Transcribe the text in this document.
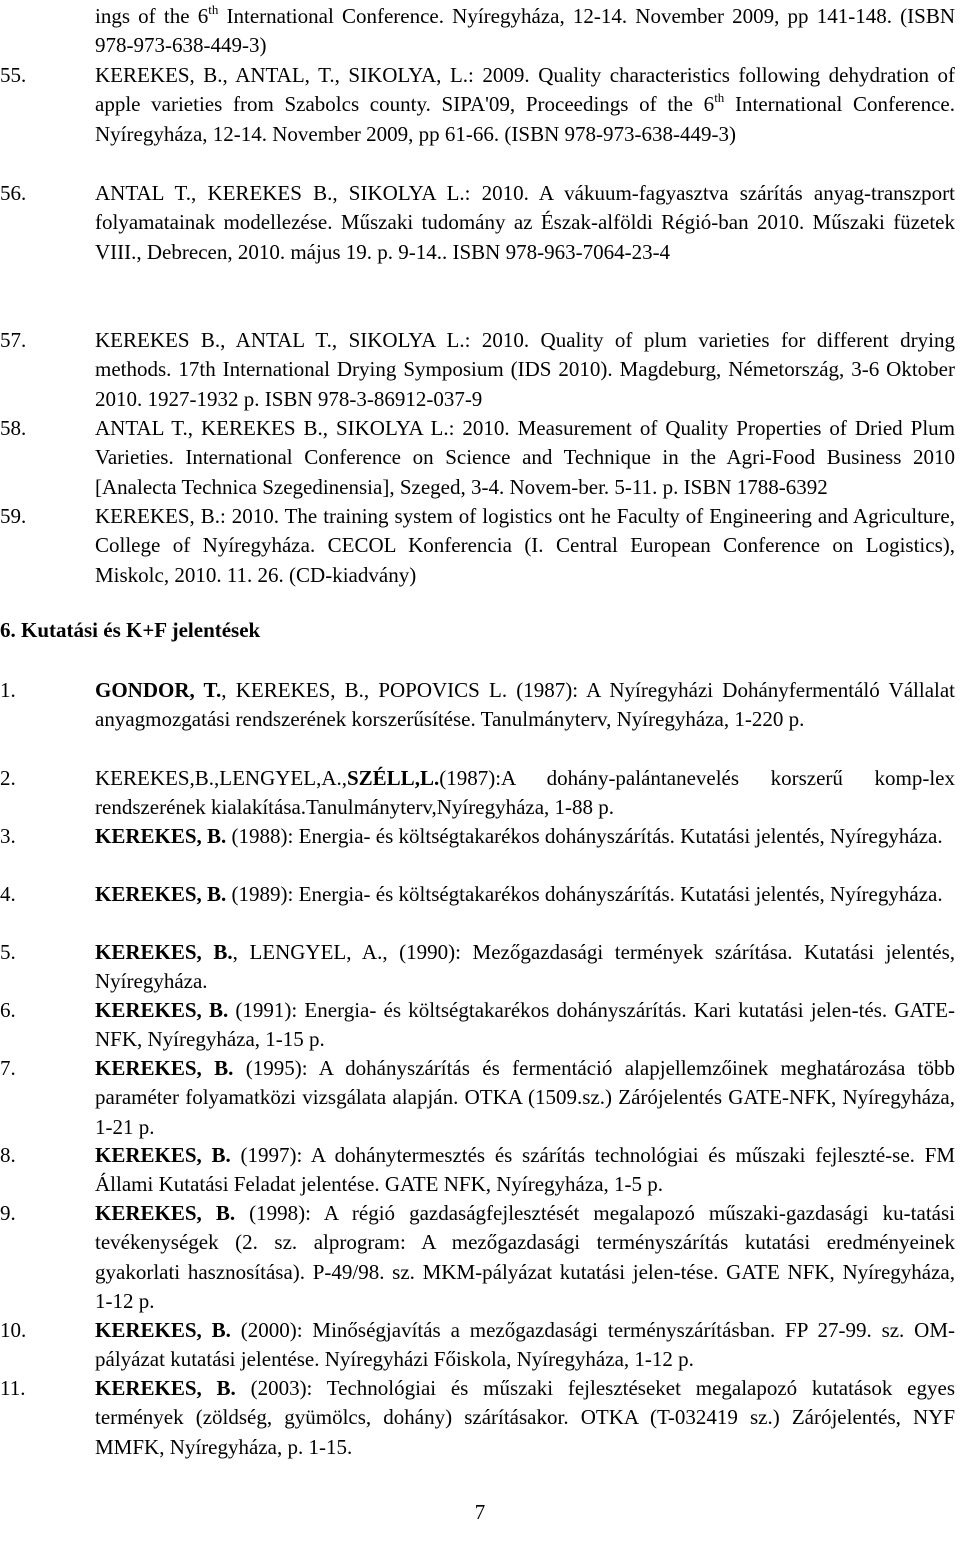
ings of the 6th International Conference. Nyíregyháza, 12-14. November 2009, pp 141-148. (ISBN 978-973-638-449-3)
55.	KEREKES, B., ANTAL, T., SIKOLYA, L.: 2009. Quality characteristics following dehydration of apple varieties from Szabolcs county. SIPA'09, Proceedings of the 6th International Conference. Nyíregyháza, 12-14. November 2009, pp 61-66. (ISBN 978-973-638-449-3)
56.	ANTAL T., KEREKES B., SIKOLYA L.: 2010. A vákuum-fagyasztva szárítás anyag-transzport folyamatainak modellezése. Műszaki tudomány az Észak-alföldi Régió-ban 2010. Műszaki füzetek VIII., Debrecen, 2010. május 19. p. 9-14.. ISBN 978-963-7064-23-4
57.	KEREKES B., ANTAL T., SIKOLYA L.: 2010. Quality of plum varieties for different drying methods. 17th International Drying Symposium (IDS 2010). Magdeburg, Németország, 3-6 Oktober 2010. 1927-1932 p. ISBN 978-3-86912-037-9
58.	ANTAL T., KEREKES B., SIKOLYA L.: 2010. Measurement of Quality Properties of Dried Plum Varieties. International Conference on Science and Technique in the Agri-Food Business 2010 [Analecta Technica Szegedinensia], Szeged, 3-4. Novem-ber. 5-11. p. ISBN 1788-6392
59.	KEREKES, B.: 2010. The training system of logistics ont he Faculty of Engineering and Agriculture, College of Nyíregyháza. CECOL Konferencia (I. Central European Conference on Logistics), Miskolc, 2010. 11. 26. (CD-kiadvány)
6. Kutatási és K+F jelentések
1.	GONDOR, T., KEREKES, B., POPOVICS L. (1987): A Nyíregyházi Dohányfermentáló Vállalat anyagmozgatási rendszerének korszerűsítése. Tanulmányterv, Nyíregyháza, 1-220 p.
2.	KEREKES,B.,LENGYEL,A.,SZÉLL,L.(1987):A dohány-palántanevelés korszerű komp-lex rendszerének kialakítása.Tanulmányterv,Nyíregyháza, 1-88 p.
3.	KEREKES, B. (1988): Energia- és költségtakarékos dohányszárítás. Kutatási jelentés, Nyíregyháza.
4.	KEREKES, B. (1989): Energia- és költségtakarékos dohányszárítás. Kutatási jelentés, Nyíregyháza.
5.	KEREKES, B., LENGYEL, A., (1990): Mezőgazdasági termények szárítása. Kutatási jelentés, Nyíregyháza.
6.	KEREKES, B. (1991): Energia- és költségtakarékos dohányszárítás. Kari kutatási jelen-tés. GATE-NFK, Nyíregyháza, 1-15 p.
7.	KEREKES, B. (1995): A dohányszárítás és fermentáció alapjellemzőinek meghatározása több paraméter folyamatközi vizsgálata alapján. OTKA (1509.sz.) Zárójelentés GATE-NFK, Nyíregyháza, 1-21 p.
8.	KEREKES, B. (1997): A dohánytermesztés és szárítás technológiai és műszaki fejleszté-se. FM Állami Kutatási Feladat jelentése. GATE NFK, Nyíregyháza, 1-5 p.
9.	KEREKES, B. (1998): A régió gazdaságfejlesztését megalapozó műszaki-gazdasági ku-tatási tevékenységek (2. sz. alprogram: A mezőgazdasági terményszárítás kutatási eredményeinek gyakorlati hasznosítása). P-49/98. sz. MKM-pályázat kutatási jelen-tése. GATE NFK, Nyíregyháza, 1-12 p.
10.	KEREKES, B. (2000): Minőségjavítás a mezőgazdasági terményszárításban. FP 27-99. sz. OM-pályázat kutatási jelentése. Nyíregyházi Főiskola, Nyíregyháza, 1-12 p.
11.	KEREKES, B. (2003): Technológiai és műszaki fejlesztéseket megalapozó kutatások egyes termények (zöldség, gyümölcs, dohány) szárításakor. OTKA (T-032419 sz.) Zárójelentés, NYF MMFK, Nyíregyháza, p. 1-15.
7
